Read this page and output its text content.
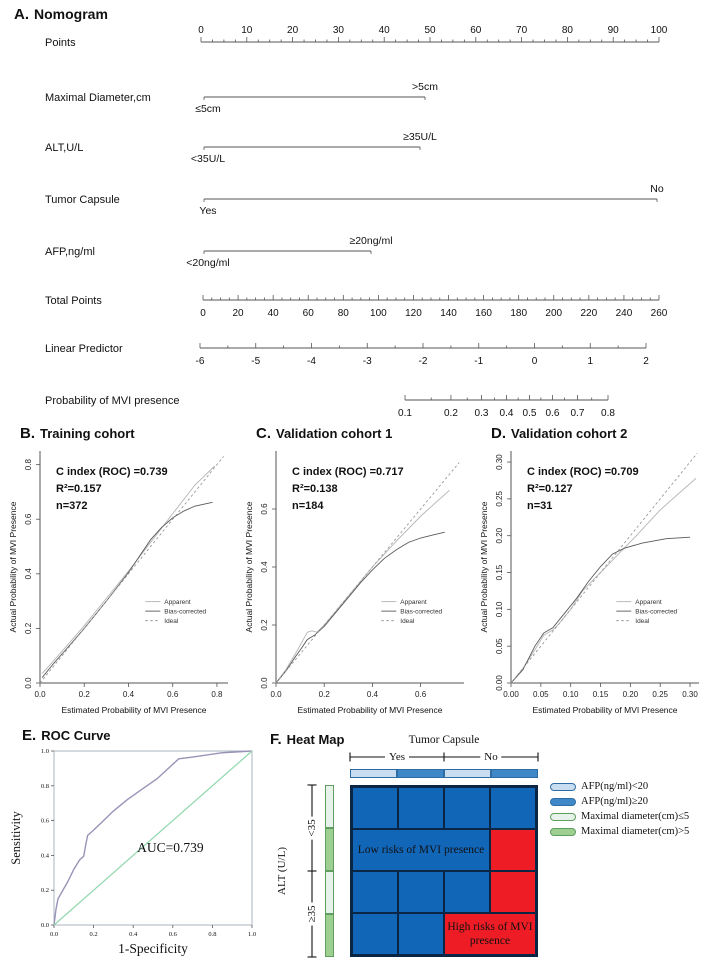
A. Nomogram
Points
0	10	20	30	40	50	60	70	80	90	100
Maximal Diameter,cm
>5cm
≤5cm
ALT,U/L
≥35U/L
<35U/L
Tumor Capsule
No
Yes
AFP,ng/ml
≥20ng/ml
<20ng/ml
Total Points
0	20 40 60 80 100 120 140 160 180 200 220 240 260
Linear Predictor
-6	-5	-4	-3	-2	-1	0	1	2
Probability of MVI presence
0.1	0.2 0.3 0.4 0.5 0.6 0.7 0.8
B. Training cohort
0.0	0.2	0.4	0.6	0.8
0.0
0.2
0.4
0.6
0.8
Estimated Probability of MVI Presence
Actual Probability of MVI Presence	Apparent
Bias-corrected
Ideal
C index (ROC) =0.739
R²=0.157
n=372
C. Validation cohort 1
0.0	0.2	0.4	0.6
0.0
0.2
0.4
0.6
Estimated Probability of MVI Presence
Actual Probability of MVI Presence	Apparent
Bias-corrected
Ideal
C index (ROC) =0.717
R²=0.138
n=184
D. Validation cohort 2
0.00 0.05 0.10 0.15 0.20 0.25 0.30
0.00
0.05
0.10
0.15
0.20
0.25
0.30
Estimated Probability of MVI Presence
Actual Probability of MVI Presence	Apparent
Bias-corrected
Ideal
C index (ROC) =0.709
R²=0.127
n=31
E. ROC Curve
0.0	0.2	0.4	0.6	0.8	1.0
0.0
0.2
0.4
0.6
0.8
1.0
AUC=0.739
1-Specificity
Sensitivity
Tumor Capsule
Yes	No
ALT (U/L)
<35
≥35
Low risks of MVI presence
High risks of MVI presence
AFP(ng/ml)<20
AFP(ng/ml)≥20
Maximal diameter(cm)≤5
Maximal diameter(cm)>5
F. Heat Map
